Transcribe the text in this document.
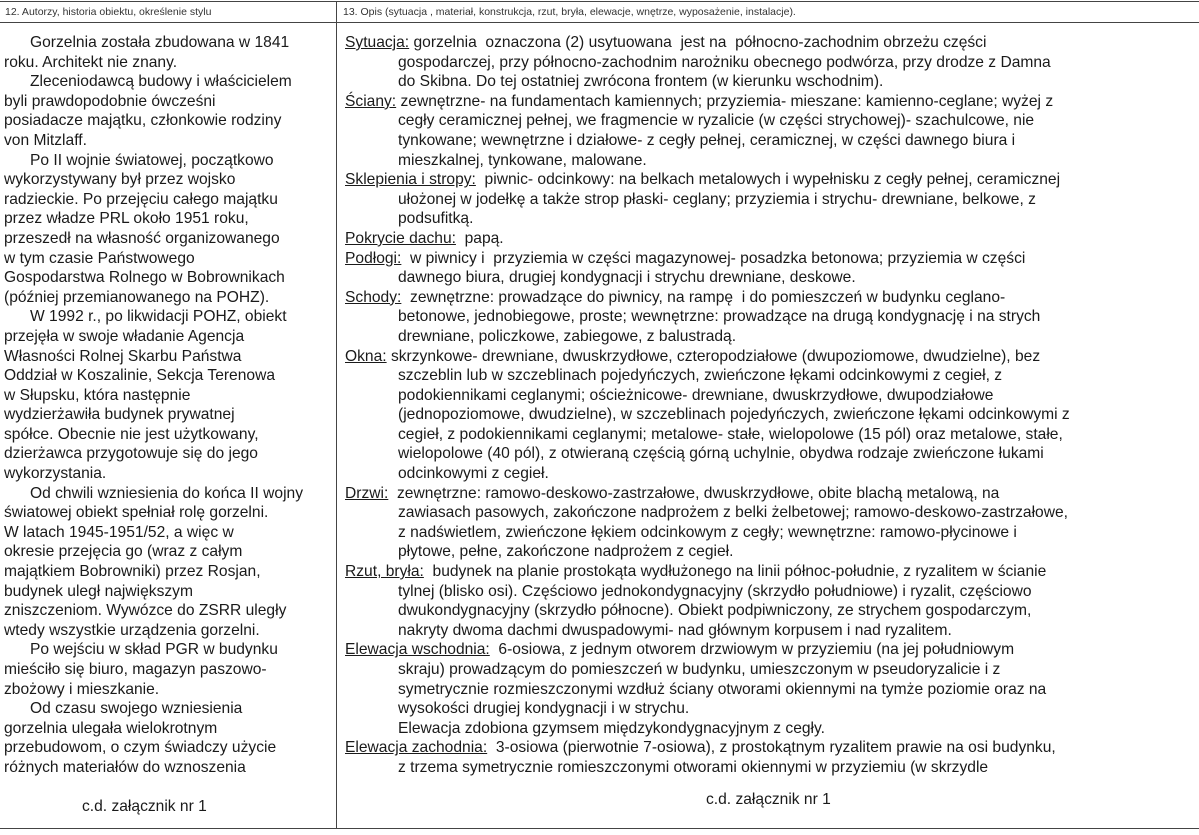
12. Autorzy, historia obiektu, określenie stylu	13. Opis (sytuacja , materiał, konstrukcja, rzut, bryła, elewacje, wnętrze, wyposażenie, instalacje).

Gorzelnia została zbudowana w 1841

roku. Architekt nie znany.

Zleceniodawcą budowy i właścicielem

byli prawdopodobnie ówcześni

posiadacze majątku, członkowie rodziny

von Mitzlaff.

Po II wojnie światowej, początkowo

wykorzystywany był przez wojsko

radzieckie. Po przejęciu całego majątku

przez władze PRL około 1951 roku,

przeszedł na własność organizowanego

w tym czasie Państwowego

Gospodarstwa Rolnego w Bobrownikach

(później przemianowanego na POHZ).

W 1992 r., po likwidacji POHZ, obiekt

przejęła w swoje władanie Agencja

Własności Rolnej Skarbu Państwa

Oddział w Koszalinie, Sekcja Terenowa

w Słupsku, która następnie

wydzierżawiła budynek prywatnej

spółce. Obecnie nie jest użytkowany,

dzierżawca przygotowuje się do jego

wykorzystania.

Od chwili wzniesienia do końca II wojny

światowej obiekt spełniał rolę gorzelni.

W latach 1945-1951/52, a więc w

okresie przejęcia go (wraz z całym

majątkiem Bobrowniki) przez Rosjan,

budynek uległ największym

zniszczeniom. Wywózce do ZSRR uległy

wtedy wszystkie urządzenia gorzelni.

Po wejściu w skład PGR w budynku

mieściło się biuro, magazyn paszowo-

zbożowy i mieszkanie.

Od czasu swojego wzniesienia

gorzelnia ulegała wielokrotnym

przebudowom, o czym świadczy użycie

różnych materiałów do wznoszenia

c.d. załącznik nr 1
Sytuacja: gorzelnia  oznaczona (2) usytuowana  jest na  północno-zachodnim obrzeżu części
gospodarczej, przy północno-zachodnim narożniku obecnego podwórza, przy drodze z Damna
do Skibna. Do tej ostatniej zwrócona frontem (w kierunku wschodnim).
Ściany: zewnętrzne- na fundamentach kamiennych; przyziemia- mieszane: kamienno-ceglane; wyżej z
cegły ceramicznej pełnej, we fragmencie w ryzalicie (w części strychowej)- szachulcowe, nie
tynkowane; wewnętrzne i działowe- z cegły pełnej, ceramicznej, w części dawnego biura i
mieszkalnej, tynkowane, malowane.
Sklepienia i stropy:  piwnic- odcinkowy: na belkach metalowych i wypełnisku z cegły pełnej, ceramicznej
ułożonej w jodełkę a także strop płaski- ceglany; przyziemia i strychu- drewniane, belkowe, z
podsufitką.
Pokrycie dachu:  papą.
Podłogi:  w piwnicy i  przyziemia w części magazynowej- posadzka betonowa; przyziemia w części
dawnego biura, drugiej kondygnacji i strychu drewniane, deskowe.
Schody:  zewnętrzne: prowadzące do piwnicy, na rampę  i do pomieszczeń w budynku ceglano-
betonowe, jednobiegowe, proste; wewnętrzne: prowadzące na drugą kondygnację i na strych
drewniane, policzkowe, zabiegowe, z balustradą.
Okna: skrzynkowe- drewniane, dwuskrzydłowe, czteropodziałowe (dwupoziomowe, dwudzielne), bez
szczeblin lub w szczeblinach pojedyńczych, zwieńczone łękami odcinkowymi z cegieł, z
podokiennikami ceglanymi; ościeżnicowe- drewniane, dwuskrzydłowe, dwupodziałowe
(jednopoziomowe, dwudzielne), w szczeblinach pojedyńczych, zwieńczone łękami odcinkowymi z
cegieł, z podokiennikami ceglanymi; metalowe- stałe, wielopolowe (15 pól) oraz metalowe, stałe,
wielopolowe (40 pól), z otwieraną częścią górną uchylnie, obydwa rodzaje zwieńczone łukami
odcinkowymi z cegieł.
Drzwi:  zewnętrzne: ramowo-deskowo-zastrzałowe, dwuskrzydłowe, obite blachą metalową, na
zawiasach pasowych, zakończone nadprożem z belki żelbetowej; ramowo-deskowo-zastrzałowe,
z nadświetlem, zwieńczone łękiem odcinkowym z cegły; wewnętrzne: ramowo-płycinowe i
płytowe, pełne, zakończone nadprożem z cegieł.
Rzut, bryła:  budynek na planie prostokąta wydłużonego na linii północ-południe, z ryzalitem w ścianie
tylnej (blisko osi). Częściowo jednokondygnacyjny (skrzydło południowe) i ryzalit, częściowo
dwukondygnacyjny (skrzydło północne). Obiekt podpiwniczony, ze strychem gospodarczym,
nakryty dwoma dachmi dwuspadowymi- nad głównym korpusem i nad ryzalitem.
Elewacja wschodnia:  6-osiowa, z jednym otworem drzwiowym w przyziemiu (na jej południowym
skraju) prowadzącym do pomieszczeń w budynku, umieszczonym w pseudoryzalicie i z
symetrycznie rozmieszczonymi wzdłuż ściany otworami okiennymi na tymże poziomie oraz na
wysokości drugiej kondygnacji i w strychu.
Elewacja zdobiona gzymsem międzykondygnacyjnym z cegły.
Elewacja zachodnia:  3-osiowa (pierwotnie 7-osiowa), z prostokątnym ryzalitem prawie na osi budynku,
z trzema symetrycznie romieszczonymi otworami okiennymi w przyziemiu (w skrzydle
c.d. załącznik nr 1
